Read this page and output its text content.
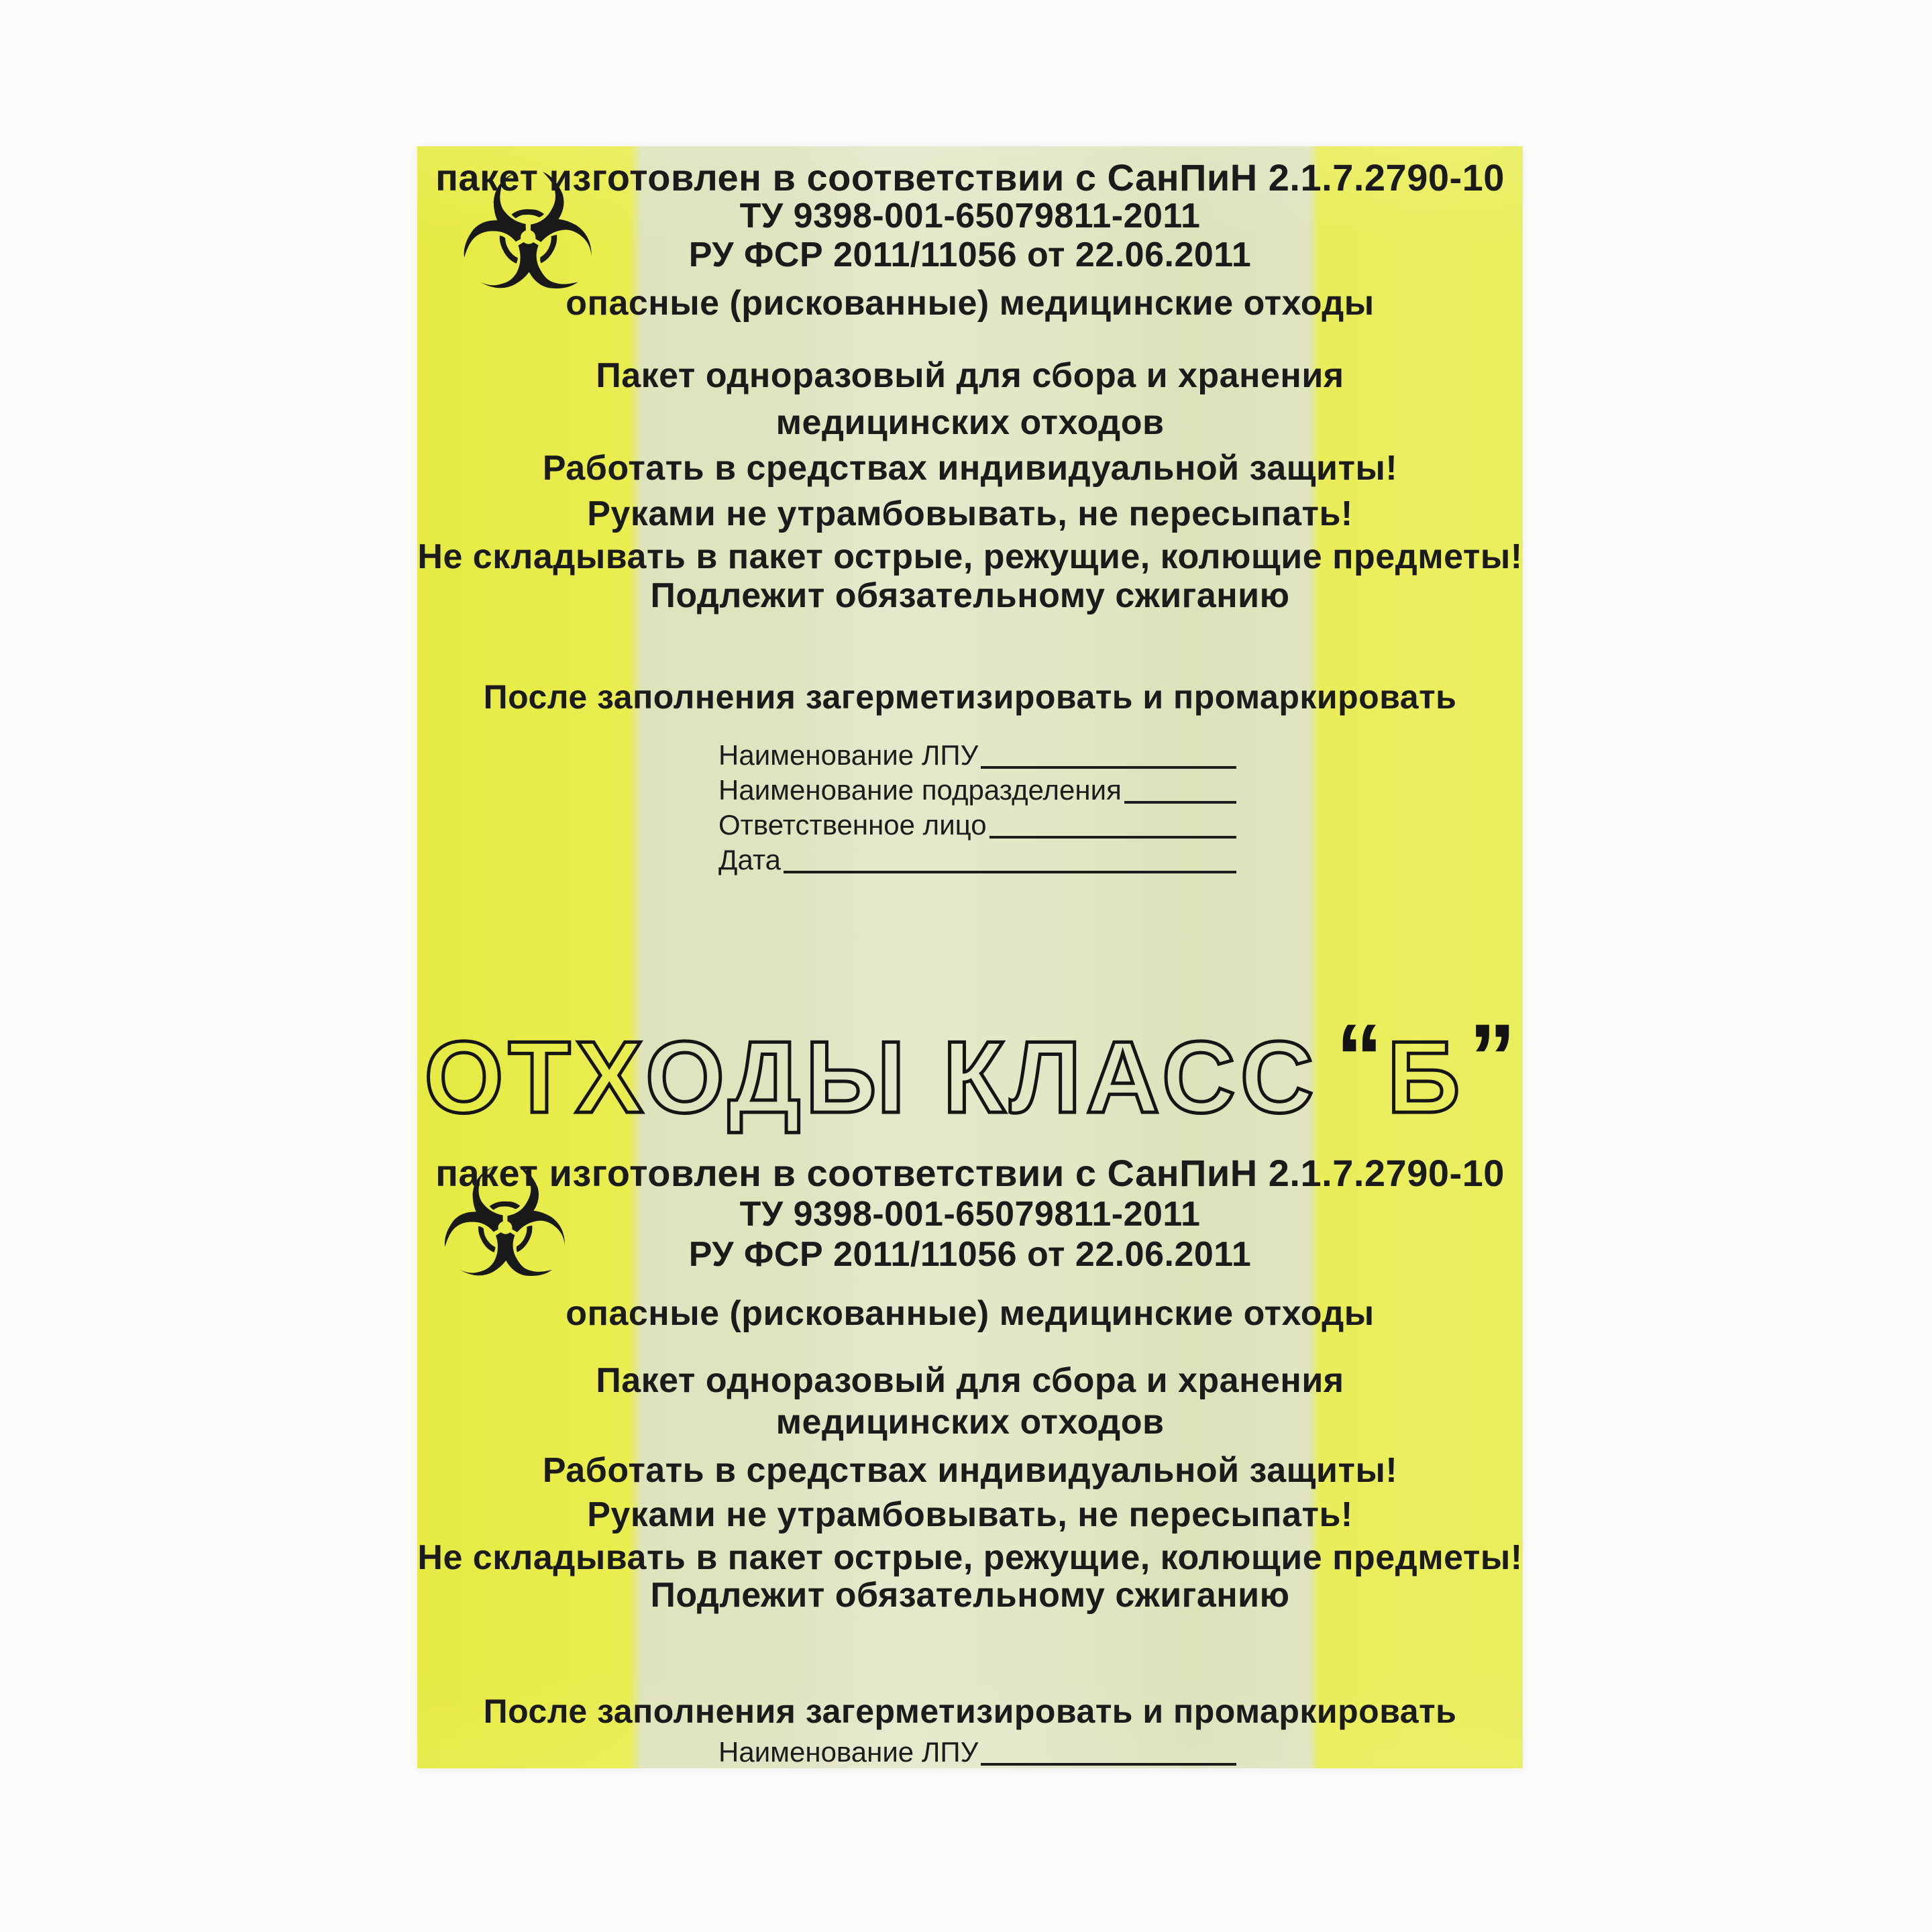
☣
пакет изготовлен в соответствии с СанПиН 2.1.7.2790-10
ТУ 9398-001-65079811-2011
РУ ФСР 2011/11056 от 22.06.2011
опасные (рискованные) медицинские отходы
Пакет одноразовый для сбора и хранения
медицинских отходов
Работать в средствах индивидуальной защиты!
Руками не утрамбовывать, не пересыпать!
Не складывать в пакет острые, режущие, колющие предметы!
Подлежит обязательному сжиганию
После заполнения загерметизировать и промаркировать
Наименование ЛПУ
Наименование подразделения
Ответственное лицо
Дата
ОТХОДЫ КЛАСС “Б”
☣
пакет изготовлен в соответствии с СанПиН 2.1.7.2790-10
ТУ 9398-001-65079811-2011
РУ ФСР 2011/11056 от 22.06.2011
опасные (рискованные) медицинские отходы
Пакет одноразовый для сбора и хранения
медицинских отходов
Работать в средствах индивидуальной защиты!
Руками не утрамбовывать, не пересыпать!
Не складывать в пакет острые, режущие, колющие предметы!
Подлежит обязательному сжиганию
После заполнения загерметизировать и промаркировать
Наименование ЛПУ
